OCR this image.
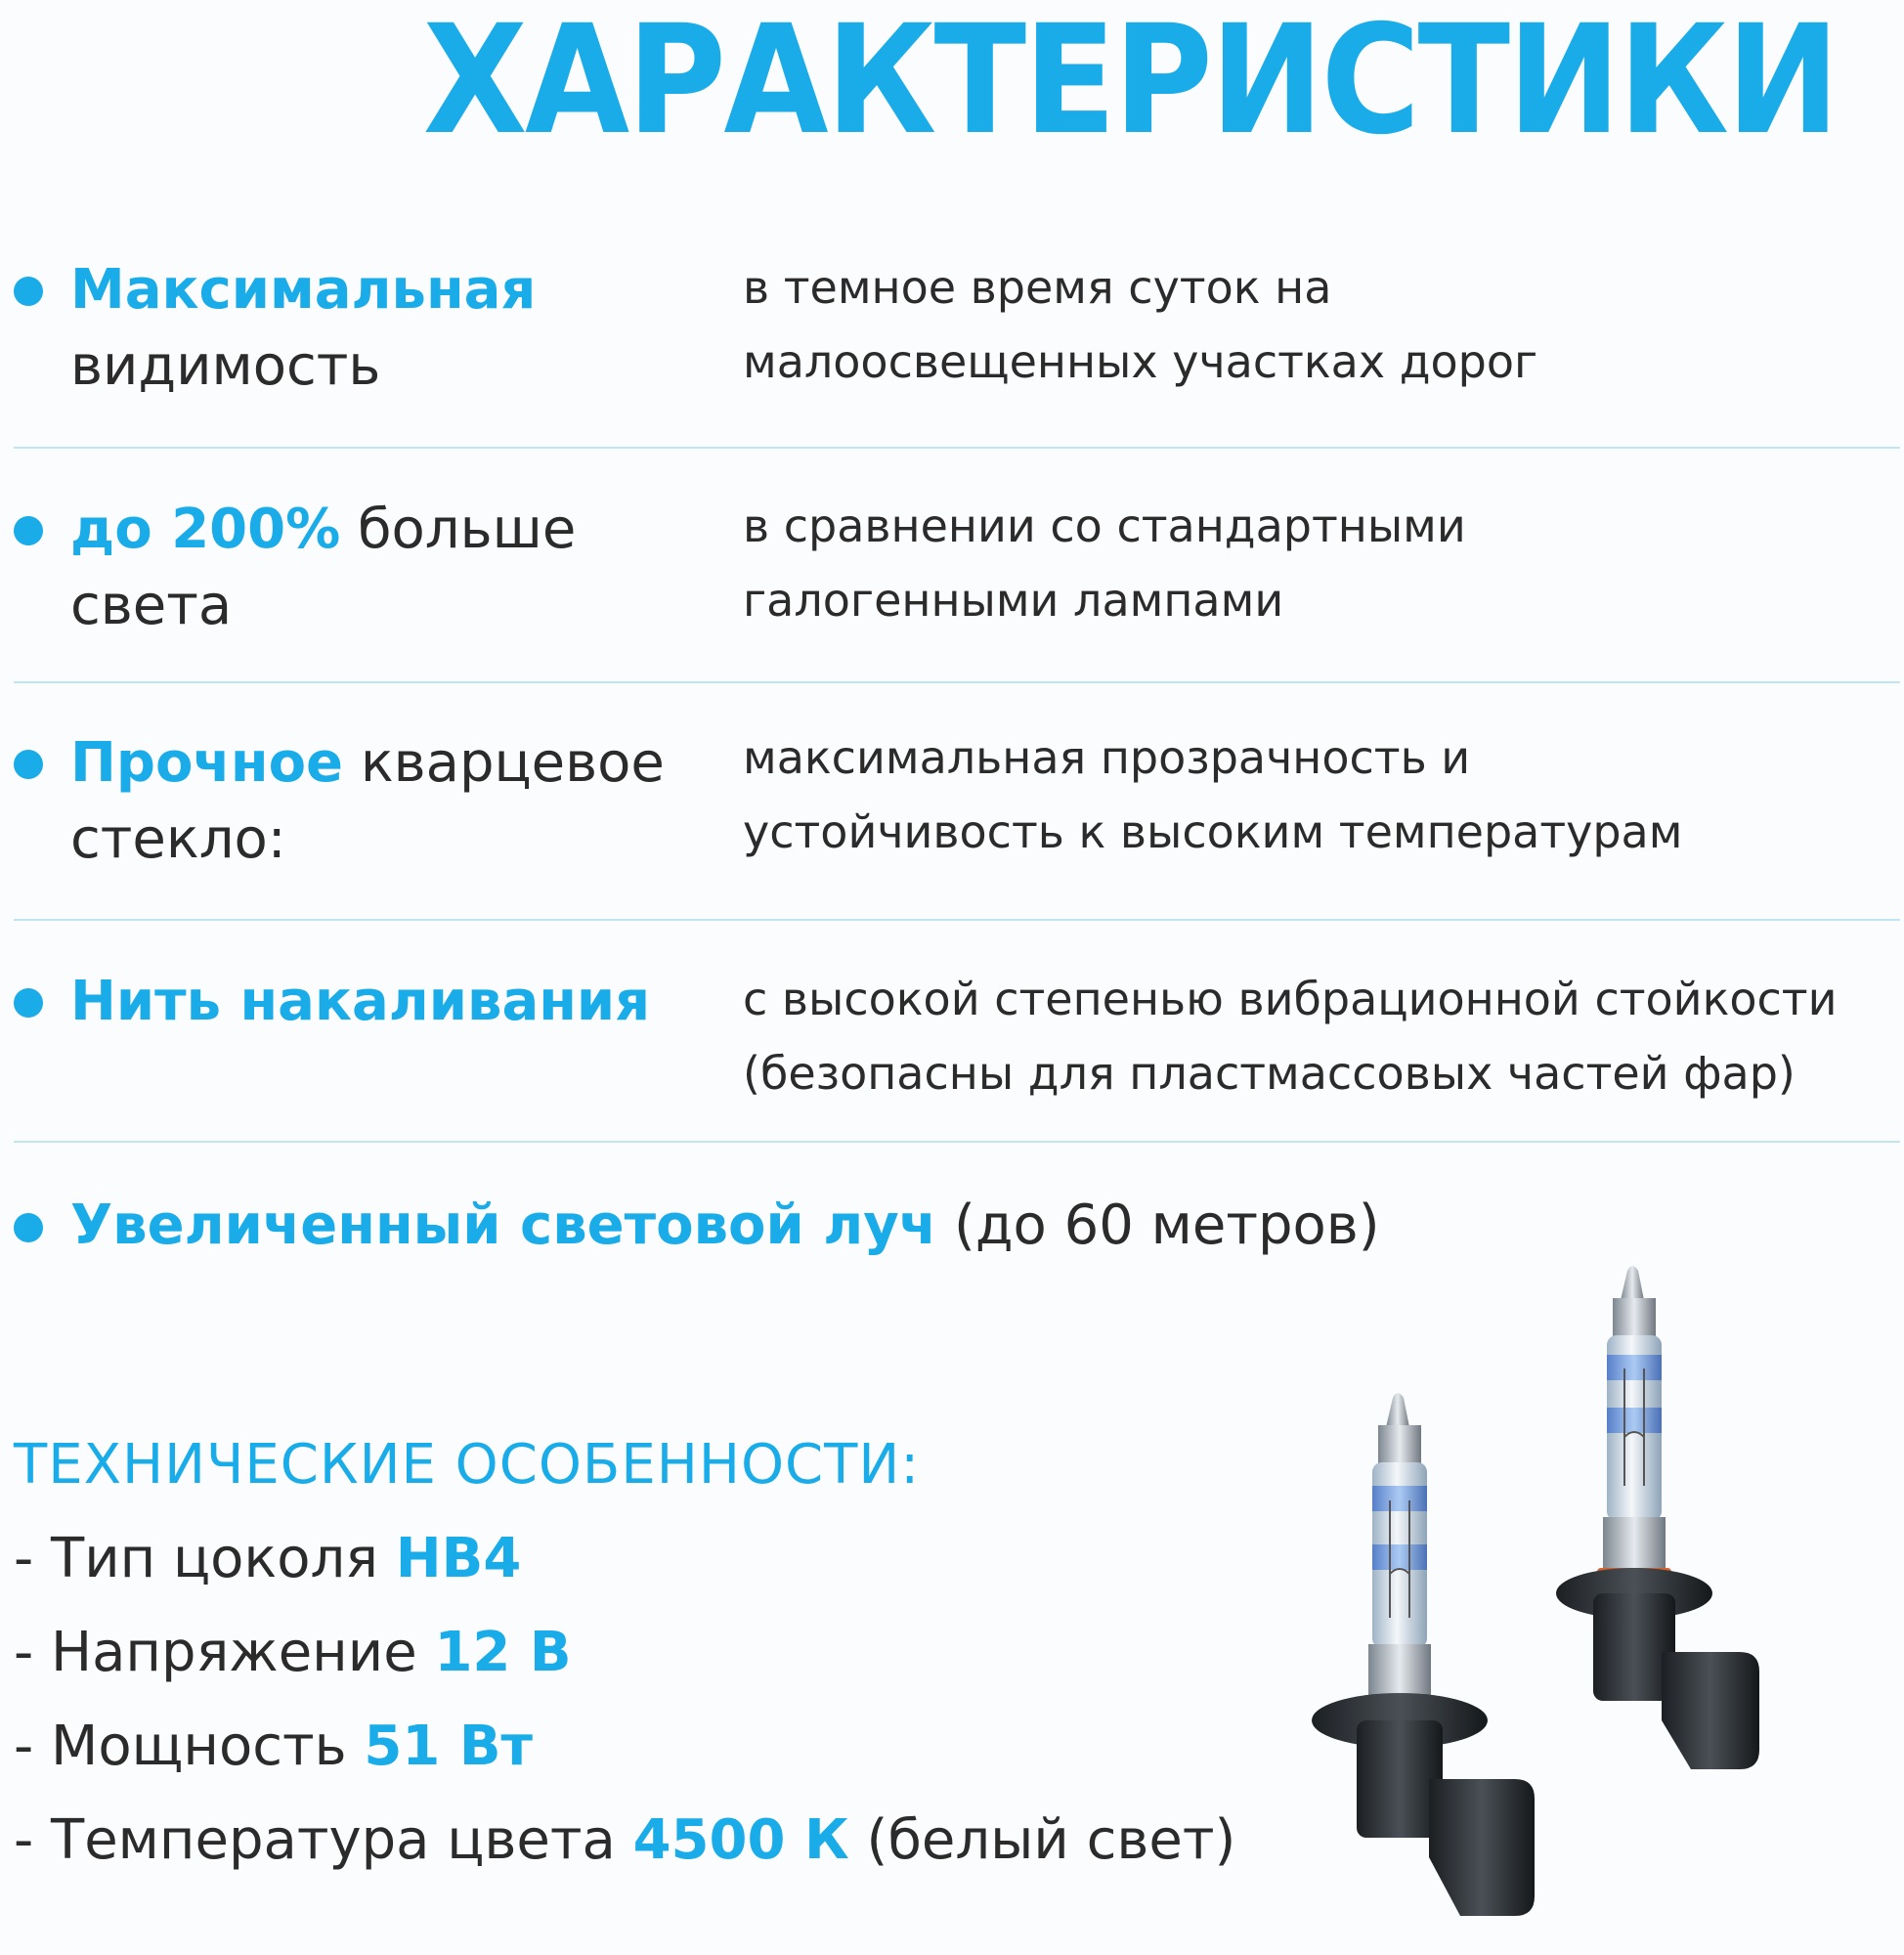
ХАРАКТЕРИСТИКИ
Максимальная
видимость
в темное время суток на
малоосвещенных участках дорог
до 200% больше
света
в сравнении со стандартными
галогенными лампами
Прочное кварцевое
стекло:
максимальная прозрачность и
устойчивость к высоким температурам
Нить накаливания	с высокой степенью вибрационной стойкости
(безопасны для пластмассовых частей фар)
Увеличенный световой луч (до 60 метров)
ТЕХНИЧЕСКИЕ ОСОБЕННОСТИ:
- Тип цоколя HB4
- Напряжение 12 В
- Мощность 51 Вт
- Температура цвета 4500 К (белый свет)
